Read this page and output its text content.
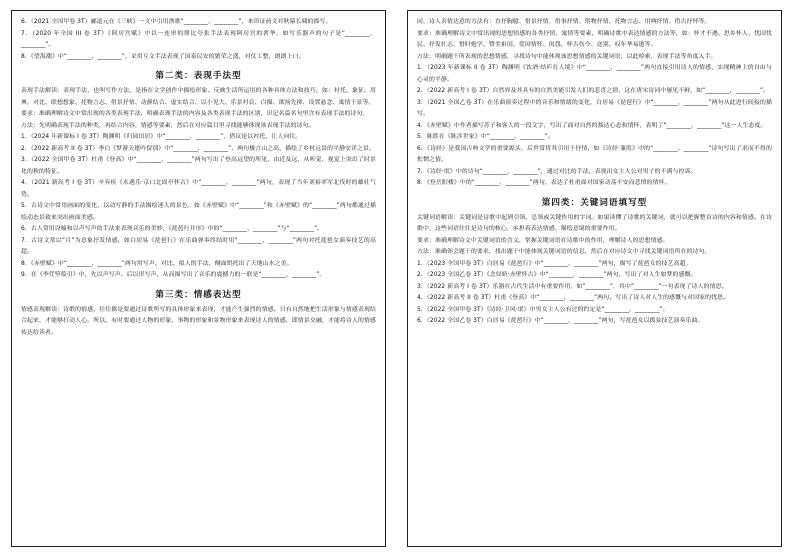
6．（2021 全国甲卷 3T）郦道元在《三峡》一文中引用渔歌“________，________”，来印证前文对秋猿长啸的描写。

7．（2020 年全国 III 卷 3T）《阿房宫赋》中以一连串的排比夸张手法表现阿房宫的奢华，如写乐器声的句子是“________，________”。

8．《望海潮》中“________，________”，采用互文手法表现了国泰民安的繁荣之盛，对仗工整，朗朗上口。

第二类：表现手法型

表现手法解读：表现手法，也叫写作方法，是指在文学创作中描绘形象、反映生活所运用的各种具体方法和技巧。如：衬托、象征、用典、对比、联想想象、托物言志、借景抒情、动静结合、虚实结合、以小见大、乐景衬哀、白描、欲扬先抑、设置悬念、寓情于景等。

要求：准确理解诗文中常出现的各类表现手法，明确表现手法的内容及各类表现手法的区别，识记名篇名句里含有表现手法的诗句。

方法：先明确表现手法的种类，再结合内容，情感等要素，然后在对应篇目里寻找能够体现该表现手法的诗句。

1．（2024 年新课标 I 卷 3T）陶渊明《归园田居》中“________，________”，借议论以衬托，让人向往。

2．（2022 新高考 II 卷 3T）李白《梦游天姥吟留别》中“________，________”，两句极言山之高，描绘了乡村远景的平静安详之景。

3．（2022 全国甲卷 3T）杜甫《登高》中“________，________”两句写出了登高远望的所见，由近及远，从听觉、视觉上突出了时景化的秋的特征。

4．（2021 新高考 I 卷 3T）辛弃疾《永遇乐·京口北固亭怀古》中“________，________”两句，表现了当年刘裕率军北伐时的雄壮气势。

5．古诗文中常用画面的变化，以动写静的手法描绘迷人的景色，如《赤壁赋》中“________”和《赤壁赋》的“________”两句都通过描绘动态景致来突出画面美感。

6．古人常用设喻和以声写声的手法来表现音乐的美妙，《琵琶行并序》中的“________，________”与“________”。

7．古诗文常以“月”为意象抒发情感，如白居易《琵琶行》在乐曲弹奏终结时用“________，________”两句对托琵琶女演奏技艺的高超。

8．《赤壁赋》中“________，________”两句用写声、对比、拟人的手法，侧面烘托出了天地山水之美。

9．在《李凭箜篌引》中，先以声写声、后以形写声，从而描写出了音乐的震撼力的一联是“________，________”。

第三类：情感表达型

情感表现解读：诗歌的情感，往往都是要通过诗歌所写的具体形象来表现，才能产生强烈的情感。只有自然地把生活形象与情感表现结合起来，才能够打动人心。所以，有时要通过人物的形象、事物的形象和景物形象来表现诗人的情感，即情景交融，才能将诗人的情感传达给读者。

同，诗人表情达意的方法有：直抒胸臆、借景抒情、借事抒情、借物抒情、托物言志、用典抒情、借古抒怀等。

要求：准确理解诗文中常出现的思想情感的各类抒情、寓情等要素，明确诗歌中表达情感的方法等，如：怀才不遇、思乡怀人、忧国忧民、抒发壮志、惜时勉学、赞美祖国、爱国情怀、闺怨、怀古伤今、送别、叹年华易逝等。

方法：明确题干所表现的思想情感，寻找诗句中能体现该思想情感的关键词语，以此检索，表现手法等角度入手。

1．（2023 年新课标 II 卷 3T）陶渊明《饮酒·结庐在人境》中“________，________”两句直接引用诗人的情感，实现精神上的自由与心灵的平静。

2．（2022 新高考 I 卷 3T）自然界及其具有的自然美能引发人们的悲喜之情，这在唐宋诗词中屡见不鲜，如“________，________”。

3．（2021 全国乙卷 3T）在乐曲演奏过程中的音乐和情绪的变化，白居易《琵琶行》中“________，________”两句从此进行间接的描写。

4．《赤壁赋》中作者描写苏子和客人的一段文字，写出了面对自然的豁达心态和情怀，表明了“________，________”这一人生态度。

5．陈胜在《陈涉世家》中“________，________”。

6．《诗经》是我国古典文学的重要源头，后世常将其引用于抒情，如《诗经·蒹葭》中的“________，________”诗句写出了求而不得的怅惘之情。

7．《诗经·氓》中的诗句“________，________”，通过对比的手法，表现出女主人公对男子的不满与控诉。

8．《登岳阳楼》中的“________，________”两句，表达了杜甫面对国家动荡不安而悲愤的情怀。

第四类：关键词语填写型

关键词语解读：关键词是诗歌中起到引领、总领或关键作用的字词。如果读懂了诗歌的关键词，就可以把握整首诗的内容和情感。在诗歌中，这些词语往往是诗句的核心，承担着表达情感、描绘意境的重要作用。

要求：准确理解诗文中关键词语的含义，掌握关键词语在诗歌中的作用，理解诗人的思想情感。

方法：准确领会题干的要求，找出题干中能体现关键词语的信息，然后在对应诗文中寻找关键词语所在的诗句。

1．（2023 全国甲卷 3T）白居易《琵琶行》中“________，________”两句，描写了琵琶女的技艺高超。

2．（2023 全国乙卷 3T）《念奴娇·赤壁怀古》中“________，________”两句，写出了对人生如梦的感慨。

3．（2022 新高考 I 卷 3T）乐器在古代生活中有重要作用，如“________”，其中“________”一句表现了诗人的情思。

4．（2022 新高考 II 卷 3T）杜甫《登高》中“________，________”两句，写出了诗人对人生的感慨与对国家的忧思。

5．（2022 全国甲卷 3T）《诗经·卫风·氓》中男女主人公有过的约定是“________，________”。

6．（2022 全国乙卷 3T）白居易《琵琶行》中“________，________”两句，写琵琶女以拨弦技艺演奏乐曲。
